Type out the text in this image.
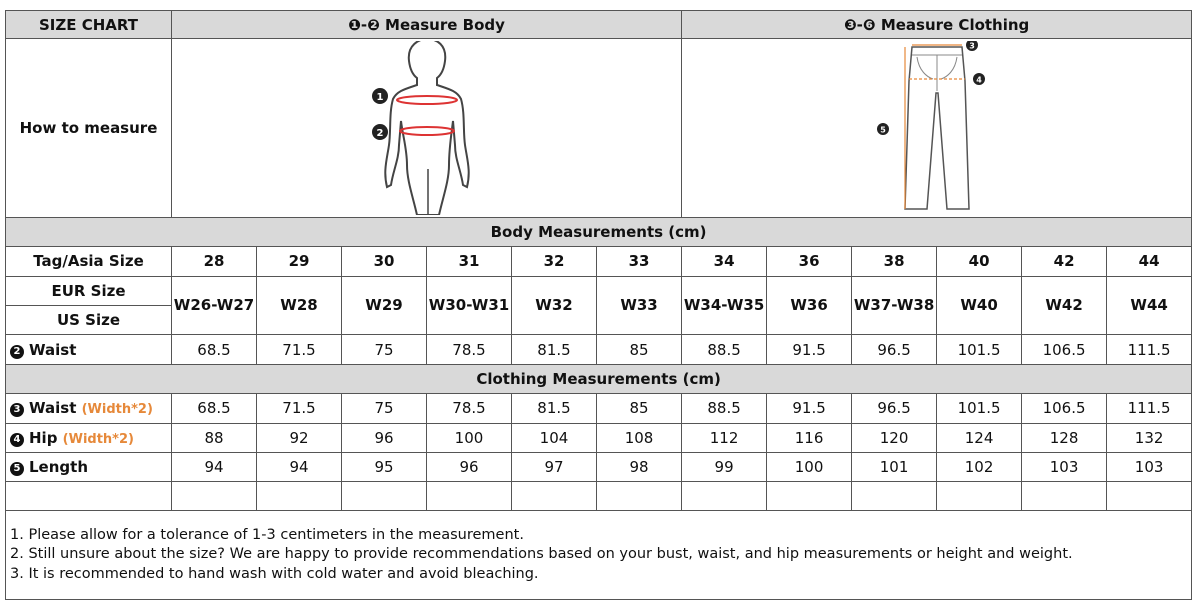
SIZE CHART	❶-❷ Measure Body						❸-❻ Measure Clothing					
How to measure	1
2						3
4
5					

Body Measurements (cm)												
Tag/Asia Size	28	29	30	31	32	33	34	36	38	40	42	44
EUR Size	W26-W27	W28	W29	W30-W31	W32	W33	W34-W35	W36	W37-W38	W40	W42	W44
US Size												
2 Waist	68.5	71.5	75	78.5	81.5	85	88.5	91.5	96.5	101.5	106.5	111.5
Clothing Measurements (cm)												
3 Waist (Width*2)	68.5	71.5	75	78.5	81.5	85	88.5	91.5	96.5	101.5	106.5	111.5
4 Hip (Width*2)	88	92	96	100	104	108	112	116	120	124	128	132
5 Length	94	94	95	96	97	98	99	100	101	102	103	103

1. Please allow for a tolerance of 1-3 centimeters in the measurement.
2. Still unsure about the size? We are happy to provide recommendations based on your bust, waist, and hip measurements or height and weight.
3. It is recommended to hand wash with cold water and avoid bleaching.												
